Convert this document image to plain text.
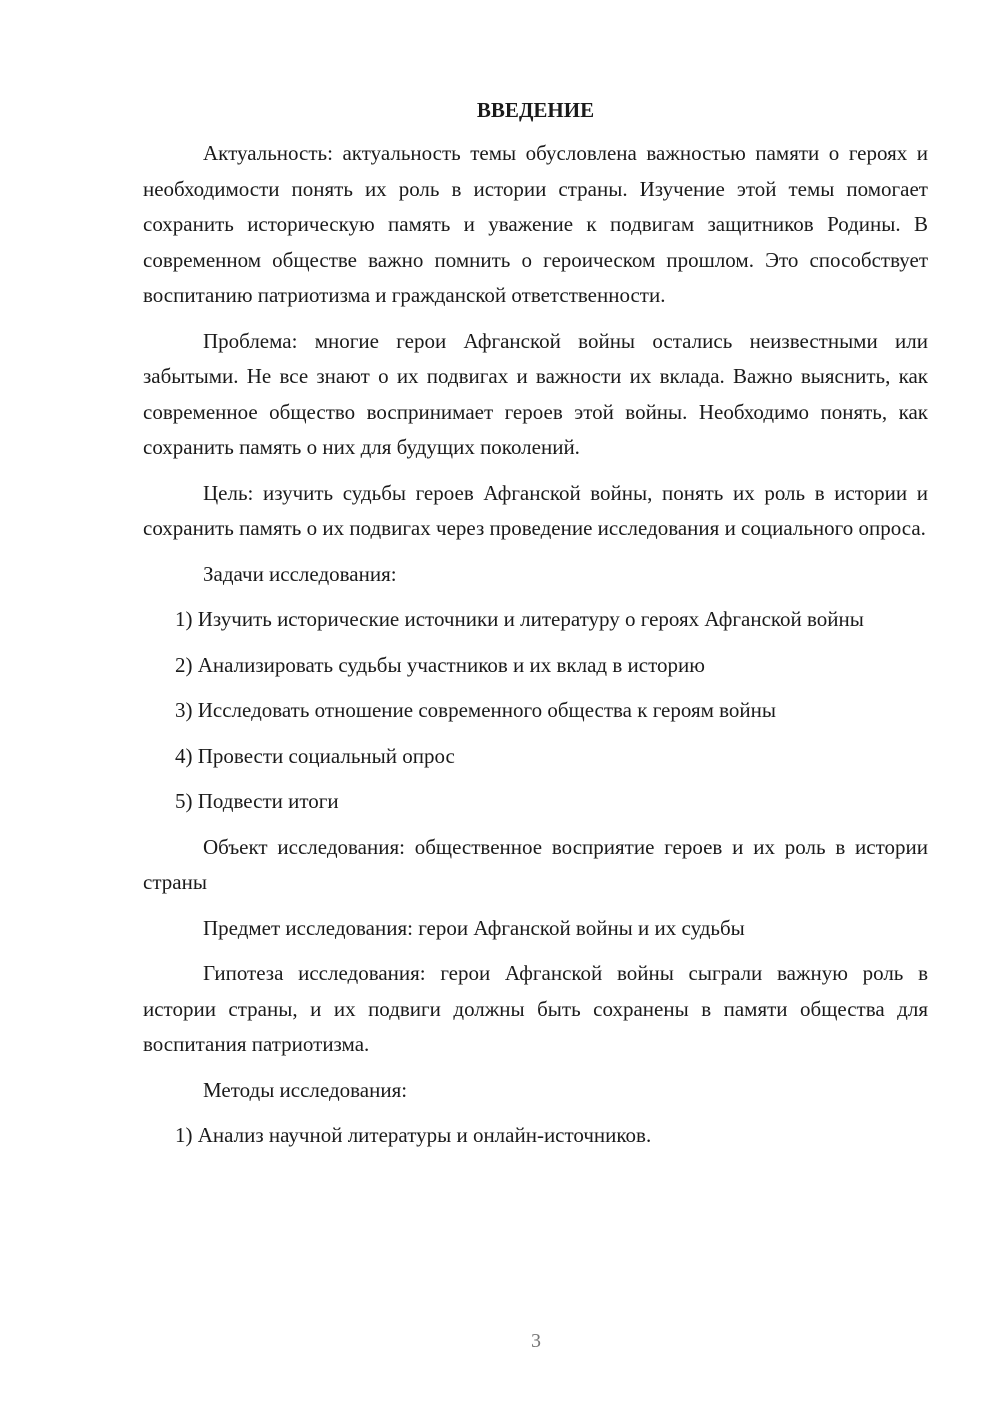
ВВЕДЕНИЕ

Актуальность: актуальность темы обусловлена важностью памяти о героях и необходимости понять их роль в истории страны. Изучение этой темы помогает сохранить историческую память и уважение к подвигам защитников Родины. В современном обществе важно помнить о героическом прошлом. Это способствует воспитанию патриотизма и гражданской ответственности.

Проблема: многие герои Афганской войны остались неизвестными или забытыми. Не все знают о их подвигах и важности их вклада. Важно выяснить, как современное общество воспринимает героев этой войны. Необходимо понять, как сохранить память о них для будущих поколений.

Цель: изучить судьбы героев Афганской войны, понять их роль в истории и сохранить память о их подвигах через проведение исследования и социального опроса.

Задачи исследования:

1) Изучить исторические источники и литературу о героях Афганской войны

2) Анализировать судьбы участников и их вклад в историю

3) Исследовать отношение современного общества к героям войны

4) Провести социальный опрос

5) Подвести итоги

Объект исследования: общественное восприятие героев и их роль в истории страны

Предмет исследования: герои Афганской войны и их судьбы

Гипотеза исследования: герои Афганской войны сыграли важную роль в истории страны, и их подвиги должны быть сохранены в памяти общества для воспитания патриотизма.

Методы исследования:

1) Анализ научной литературы и онлайн-источников.

3
